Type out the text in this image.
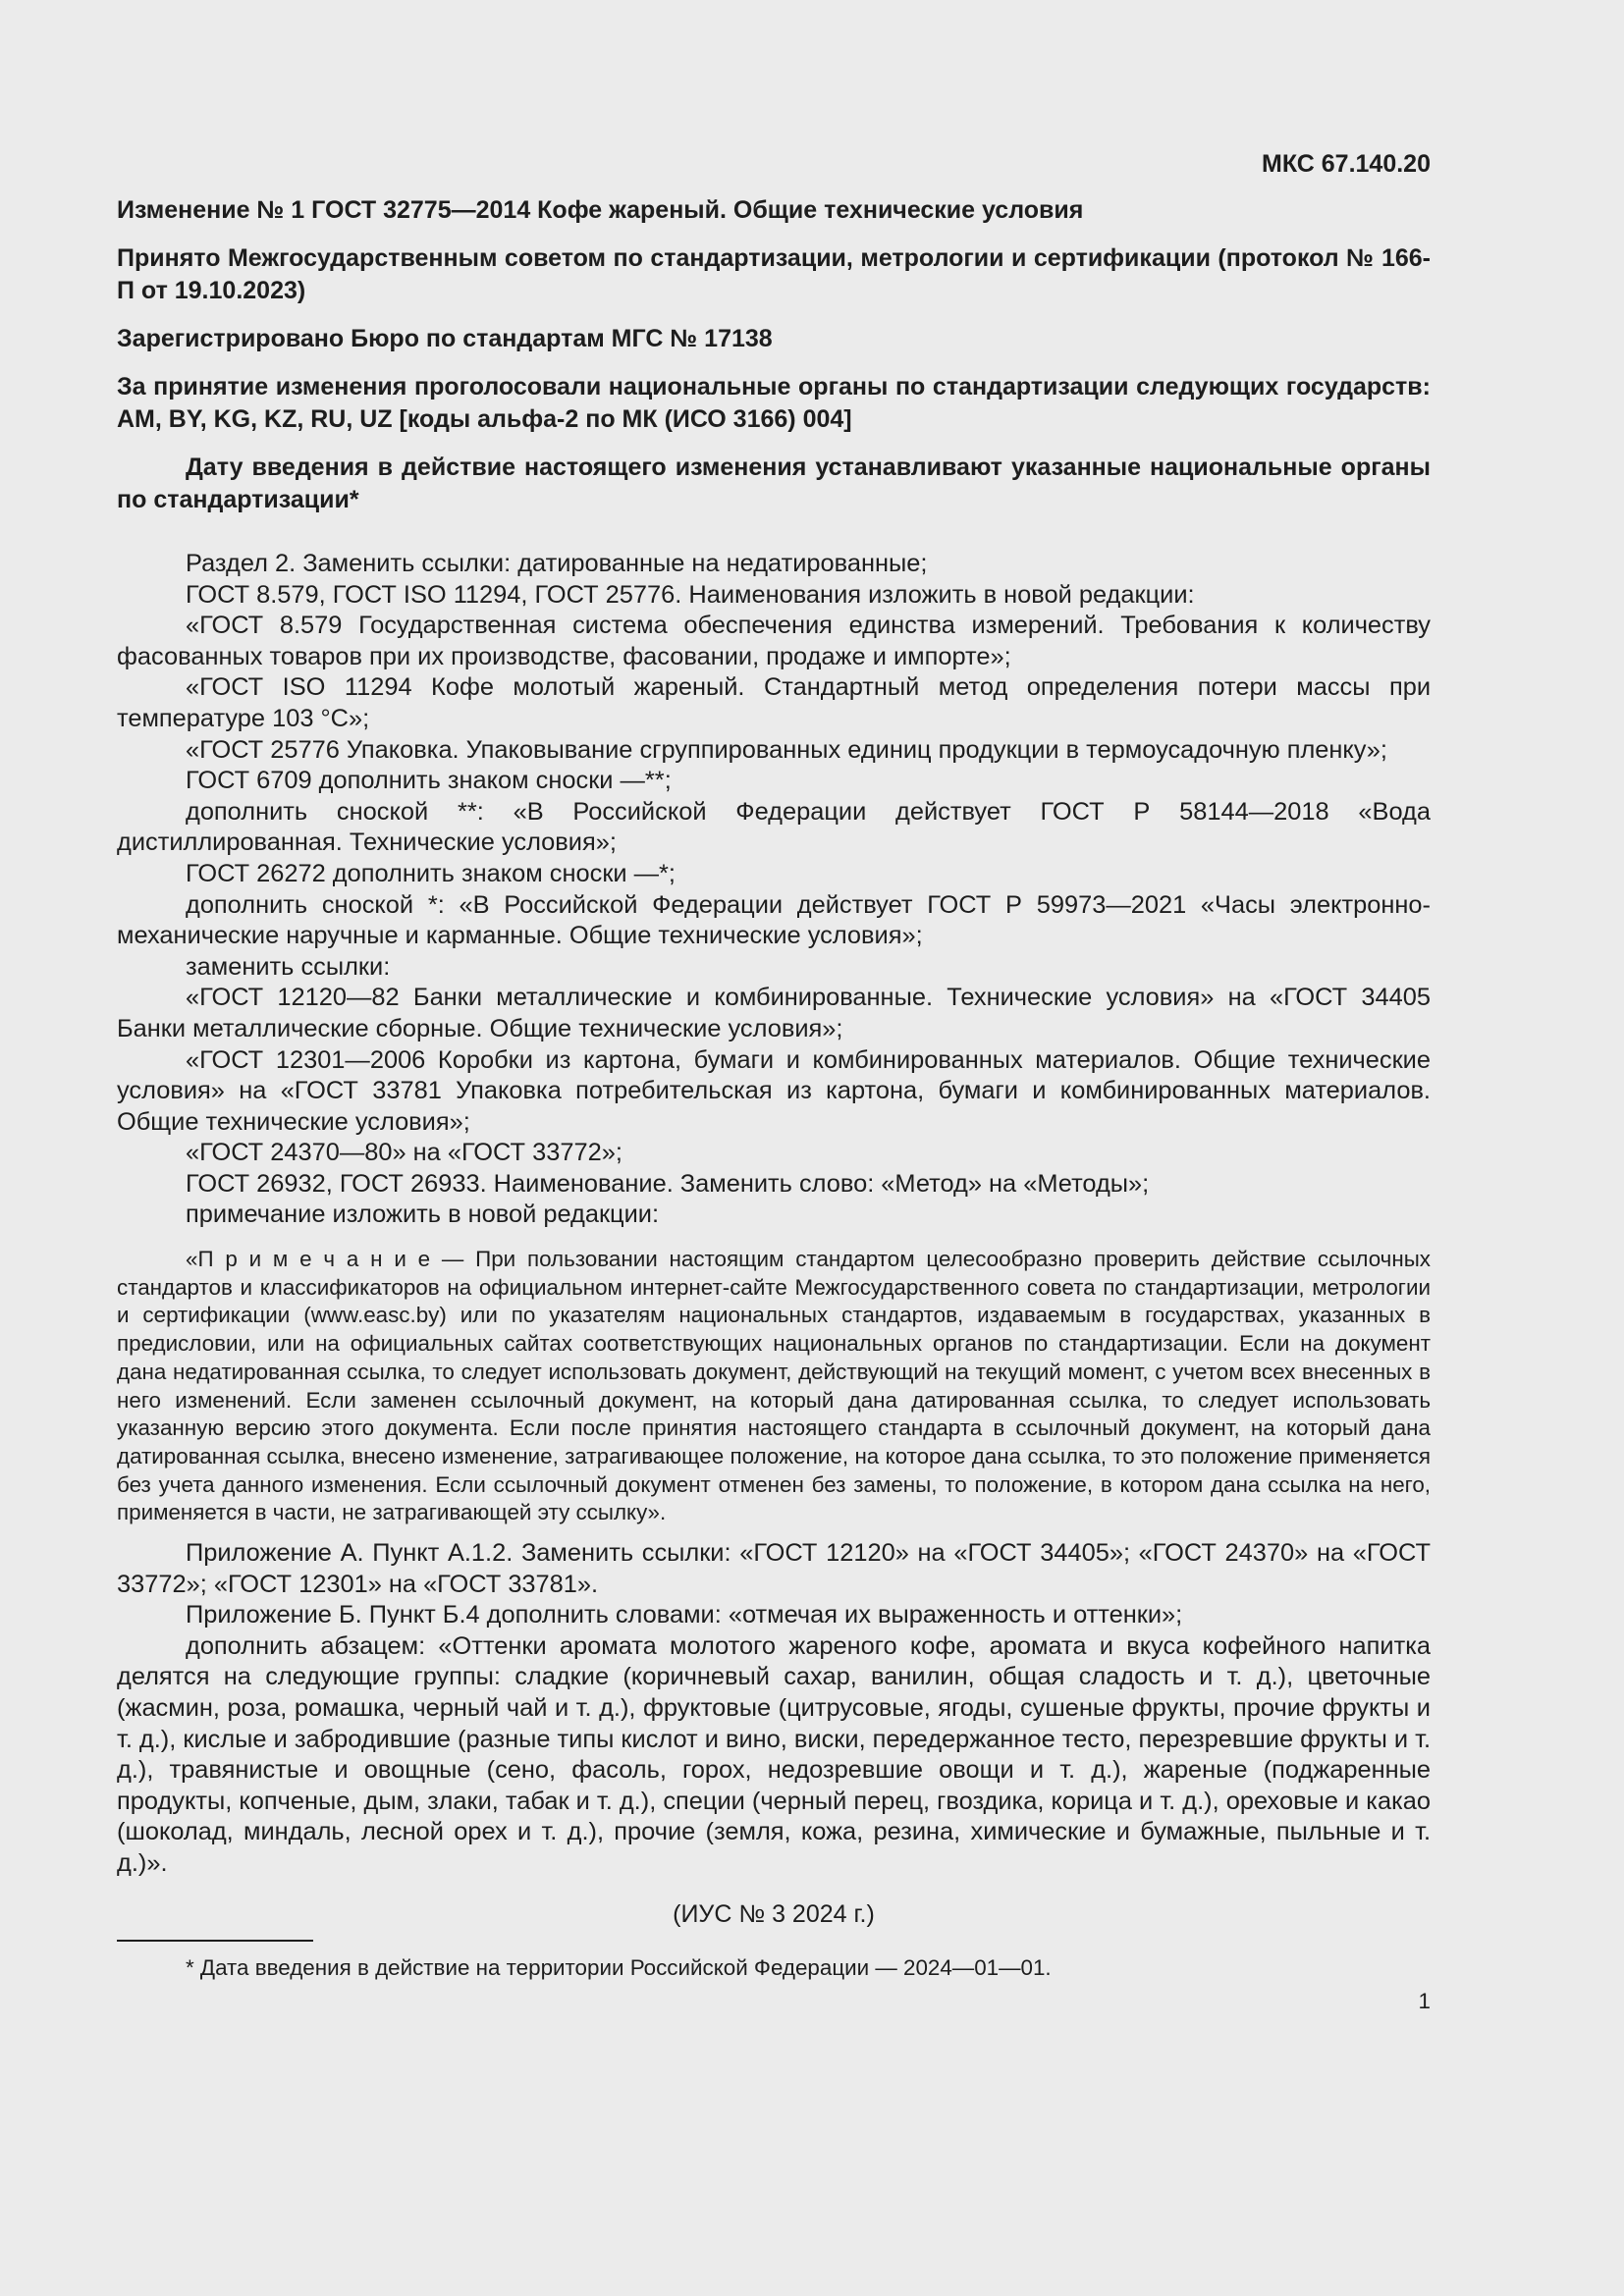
МКС 67.140.20
Изменение № 1 ГОСТ 32775—2014 Кофе жареный. Общие технические условия
Принято Межгосударственным советом по стандартизации, метрологии и сертификации (протокол № 166-П от 19.10.2023)
Зарегистрировано Бюро по стандартам МГС № 17138
За принятие изменения проголосовали национальные органы по стандартизации следующих государств: AM, BY, KG, KZ, RU, UZ [коды альфа-2 по МК (ИСО 3166) 004]
Дату введения в действие настоящего изменения устанавливают указанные национальные органы по стандартизации*

Раздел 2. Заменить ссылки: датированные на недатированные;

ГОСТ 8.579, ГОСТ ISO 11294, ГОСТ 25776. Наименования изложить в новой редакции:

«ГОСТ 8.579 Государственная система обеспечения единства измерений. Требования к количеству фасованных товаров при их производстве, фасовании, продаже и импорте»;

«ГОСТ ISO 11294 Кофе молотый жареный. Стандартный метод определения потери массы при температуре 103 °C»;

«ГОСТ 25776 Упаковка. Упаковывание сгруппированных единиц продукции в термоусадочную пленку»;

ГОСТ 6709 дополнить знаком сноски —**;

дополнить сноской **: «В Российской Федерации действует ГОСТ Р 58144—2018 «Вода дистиллированная. Технические условия»;

ГОСТ 26272 дополнить знаком сноски —*;

дополнить сноской *: «В Российской Федерации действует ГОСТ Р 59973—2021 «Часы электронно-механические наручные и карманные. Общие технические условия»;

заменить ссылки:

«ГОСТ 12120—82 Банки металлические и комбинированные. Технические условия» на «ГОСТ 34405 Банки металлические сборные. Общие технические условия»;

«ГОСТ 12301—2006 Коробки из картона, бумаги и комбинированных материалов. Общие технические условия» на «ГОСТ 33781 Упаковка потребительская из картона, бумаги и комбинированных материалов. Общие технические условия»;

«ГОСТ 24370—80» на «ГОСТ 33772»;

ГОСТ 26932, ГОСТ 26933. Наименование. Заменить слово: «Метод» на «Методы»;

примечание изложить в новой редакции:

«П р и м е ч а н и е — При пользовании настоящим стандартом целесообразно проверить действие ссылочных стандартов и классификаторов на официальном интернет-сайте Межгосударственного совета по стандартизации, метрологии и сертификации (www.easc.by) или по указателям национальных стандартов, издаваемым в государствах, указанных в предисловии, или на официальных сайтах соответствующих национальных органов по стандартизации. Если на документ дана недатированная ссылка, то следует использовать документ, действующий на текущий момент, с учетом всех внесенных в него изменений. Если заменен ссылочный документ, на который дана датированная ссылка, то следует использовать указанную версию этого документа. Если после принятия настоящего стандарта в ссылочный документ, на который дана датированная ссылка, внесено изменение, затрагивающее положение, на которое дана ссылка, то это положение применяется без учета данного изменения. Если ссылочный документ отменен без замены, то положение, в котором дана ссылка на него, применяется в части, не затрагивающей эту ссылку».

Приложение А. Пункт А.1.2. Заменить ссылки: «ГОСТ 12120» на «ГОСТ 34405»; «ГОСТ 24370» на «ГОСТ 33772»; «ГОСТ 12301» на «ГОСТ 33781».

Приложение Б. Пункт Б.4 дополнить словами: «отмечая их выраженность и оттенки»;

дополнить абзацем: «Оттенки аромата молотого жареного кофе, аромата и вкуса кофейного напитка делятся на следующие группы: сладкие (коричневый сахар, ванилин, общая сладость и т. д.), цветочные (жасмин, роза, ромашка, черный чай и т. д.), фруктовые (цитрусовые, ягоды, сушеные фрукты, прочие фрукты и т. д.), кислые и забродившие (разные типы кислот и вино, виски, передержанное тесто, перезревшие фрукты и т. д.), травянистые и овощные (сено, фасоль, горох, недозревшие овощи и т. д.), жареные (поджаренные продукты, копченые, дым, злаки, табак и т. д.), специи (черный перец, гвоздика, корица и т. д.), ореховые и какао (шоколад, миндаль, лесной орех и т. д.), прочие (земля, кожа, резина, химические и бумажные, пыльные и т. д.)».

(ИУС № 3 2024 г.)
* Дата введения в действие на территории Российской Федерации — 2024—01—01.
1
